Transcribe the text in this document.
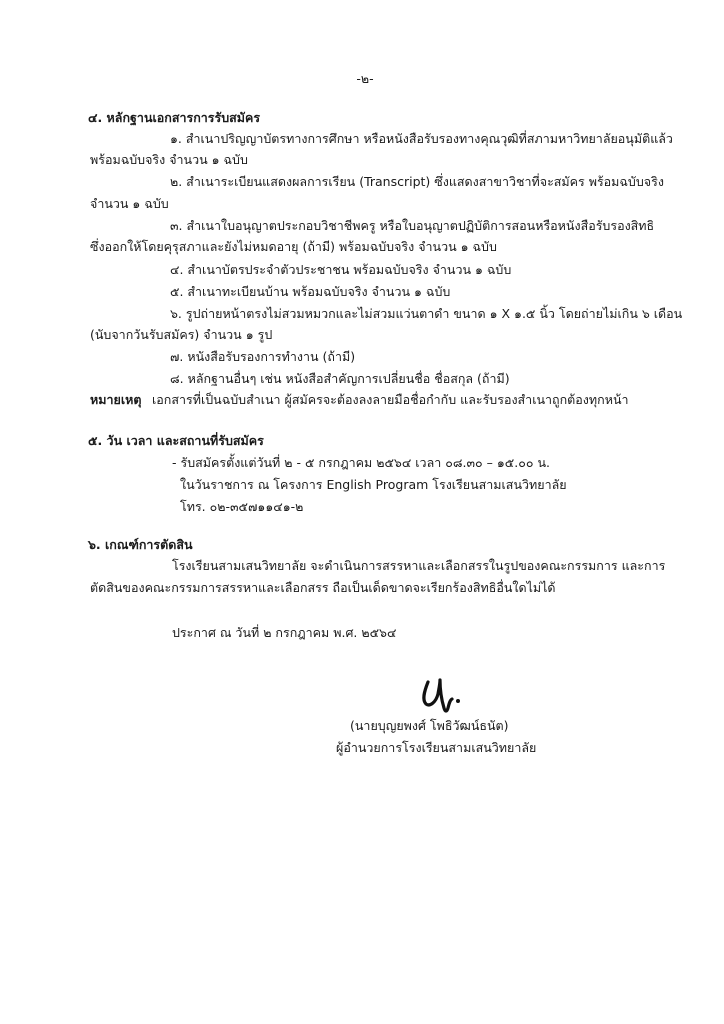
-๒-
๔. หลักฐานเอกสารการรับสมัคร
๑. สำเนาปริญญาบัตรทางการศึกษา หรือหนังสือรับรองทางคุณวุฒิที่สภามหาวิทยาลัยอนุมัติแล้ว
พร้อมฉบับจริง จำนวน ๑ ฉบับ
๒. สำเนาระเบียนแสดงผลการเรียน (Transcript) ซึ่งแสดงสาขาวิชาที่จะสมัคร พร้อมฉบับจริง
จำนวน ๑ ฉบับ
๓. สำเนาใบอนุญาตประกอบวิชาชีพครู หรือใบอนุญาตปฏิบัติการสอนหรือหนังสือรับรองสิทธิ
ซึ่งออกให้โดยคุรุสภาและยังไม่หมดอายุ (ถ้ามี) พร้อมฉบับจริง จำนวน ๑ ฉบับ
๔. สำเนาบัตรประจำตัวประชาชน พร้อมฉบับจริง จำนวน ๑ ฉบับ
๕. สำเนาทะเบียนบ้าน พร้อมฉบับจริง จำนวน ๑ ฉบับ
๖. รูปถ่ายหน้าตรงไม่สวมหมวกและไม่สวมแว่นตาดำ ขนาด ๑ X ๑.๕ นิ้ว โดยถ่ายไม่เกิน ๖ เดือน
(นับจากวันรับสมัคร) จำนวน ๑ รูป
๗. หนังสือรับรองการทำงาน (ถ้ามี)
๘. หลักฐานอื่นๆ เช่น หนังสือสำคัญการเปลี่ยนชื่อ ชื่อสกุล (ถ้ามี)
หมายเหตุ เอกสารที่เป็นฉบับสำเนา ผู้สมัครจะต้องลงลายมือชื่อกำกับ และรับรองสำเนาถูกต้องทุกหน้า
๕. วัน เวลา และสถานที่รับสมัคร
- รับสมัครตั้งแต่วันที่ ๒ - ๕ กรกฎาคม ๒๕๖๔ เวลา ๐๘.๓๐ – ๑๕.๐๐ น.
ในวันราชการ ณ โครงการ English Program โรงเรียนสามเสนวิทยาลัย
โทร. ๐๒-๓๕๗๑๑๔๑-๒
๖. เกณฑ์การตัดสิน
โรงเรียนสามเสนวิทยาลัย จะดำเนินการสรรหาและเลือกสรรในรูปของคณะกรรมการ และการ
ตัดสินของคณะกรรมการสรรหาและเลือกสรร ถือเป็นเด็ดขาดจะเรียกร้องสิทธิอื่นใดไม่ได้
ประกาศ ณ วันที่ ๒ กรกฎาคม พ.ศ. ๒๕๖๔
(นายบุญยพงศ์ โพธิวัฒน์ธนัต)
ผู้อำนวยการโรงเรียนสามเสนวิทยาลัย
